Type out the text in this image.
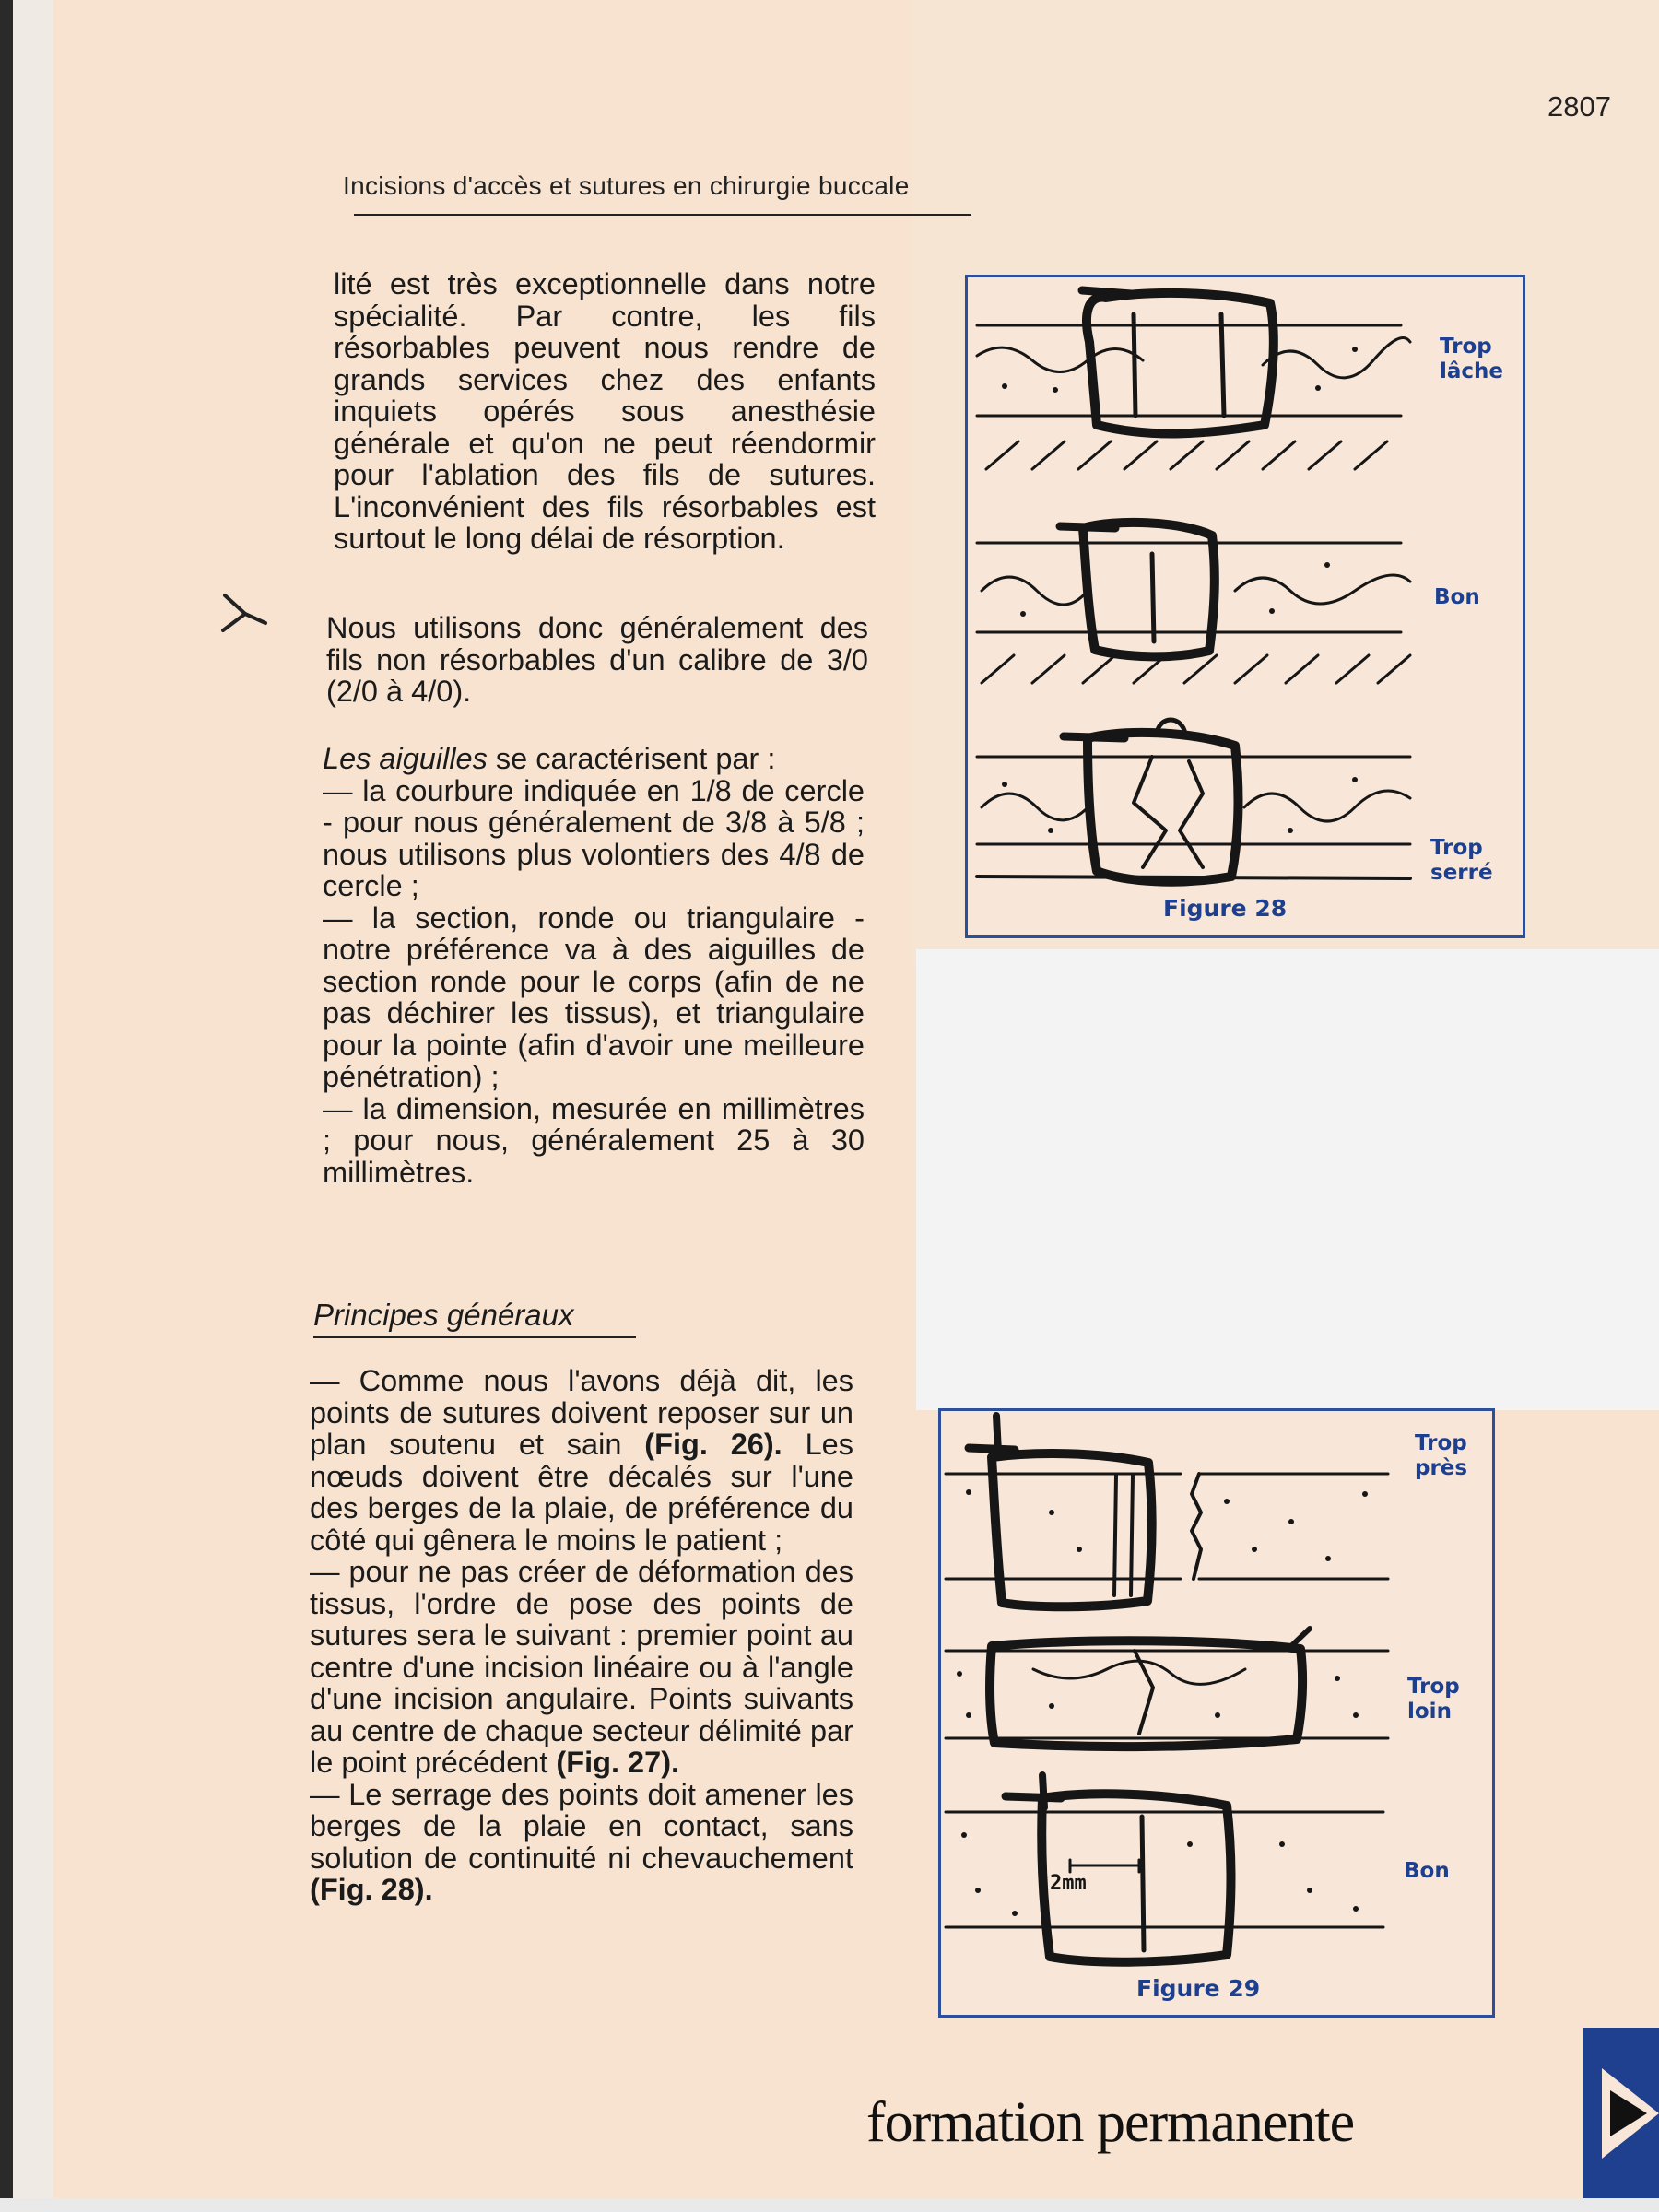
2807
Incisions d'accès et sutures en chirurgie buccale

lité est très exceptionnelle dans notre spécialité. Par contre, les fils résorbables peuvent nous rendre de grands services chez des enfants inquiets opérés sous anesthésie générale et qu'on ne peut réendormir pour l'ablation des fils de sutures. L'inconvénient des fils résorbables est surtout le long délai de résorption.

Nous utilisons donc généralement des fils non résorbables d'un calibre de 3/0 (2/0 à 4/0).

Les aiguilles se caractérisent par :
— la courbure indiquée en 1/8 de cercle - pour nous généralement de 3/8 à 5/8 ; nous utilisons plus volontiers des 4/8 de cercle ;
— la section, ronde ou triangulaire - notre préférence va à des aiguilles de section ronde pour le corps (afin de ne pas déchirer les tissus), et triangulaire pour la pointe (afin d'avoir une meilleure pénétration) ;
— la dimension, mesurée en millimètres ; pour nous, généralement 25 à 30 millimètres.

Principes généraux

— Comme nous l'avons déjà dit, les points de sutures doivent reposer sur un plan soutenu et sain (Fig. 26). Les nœuds doivent être décalés sur l'une des berges de la plaie, de préférence du côté qui gênera le moins le patient ;
— pour ne pas créer de déformation des tissus, l'ordre de pose des points de sutures sera le suivant : premier point au centre d'une incision linéaire ou à l'angle d'une incision angulaire. Points suivants au centre de chaque secteur délimité par le point précédent (Fig. 27).
— Le serrage des points doit amener les berges de la plaie en contact, sans solution de continuité ni chevauchement (Fig. 28).

Trop
lâche
Bon
Trop
serré
Figure 28
2mm
Trop
près
Trop
loin
Bon
Figure 29
formation permanente
